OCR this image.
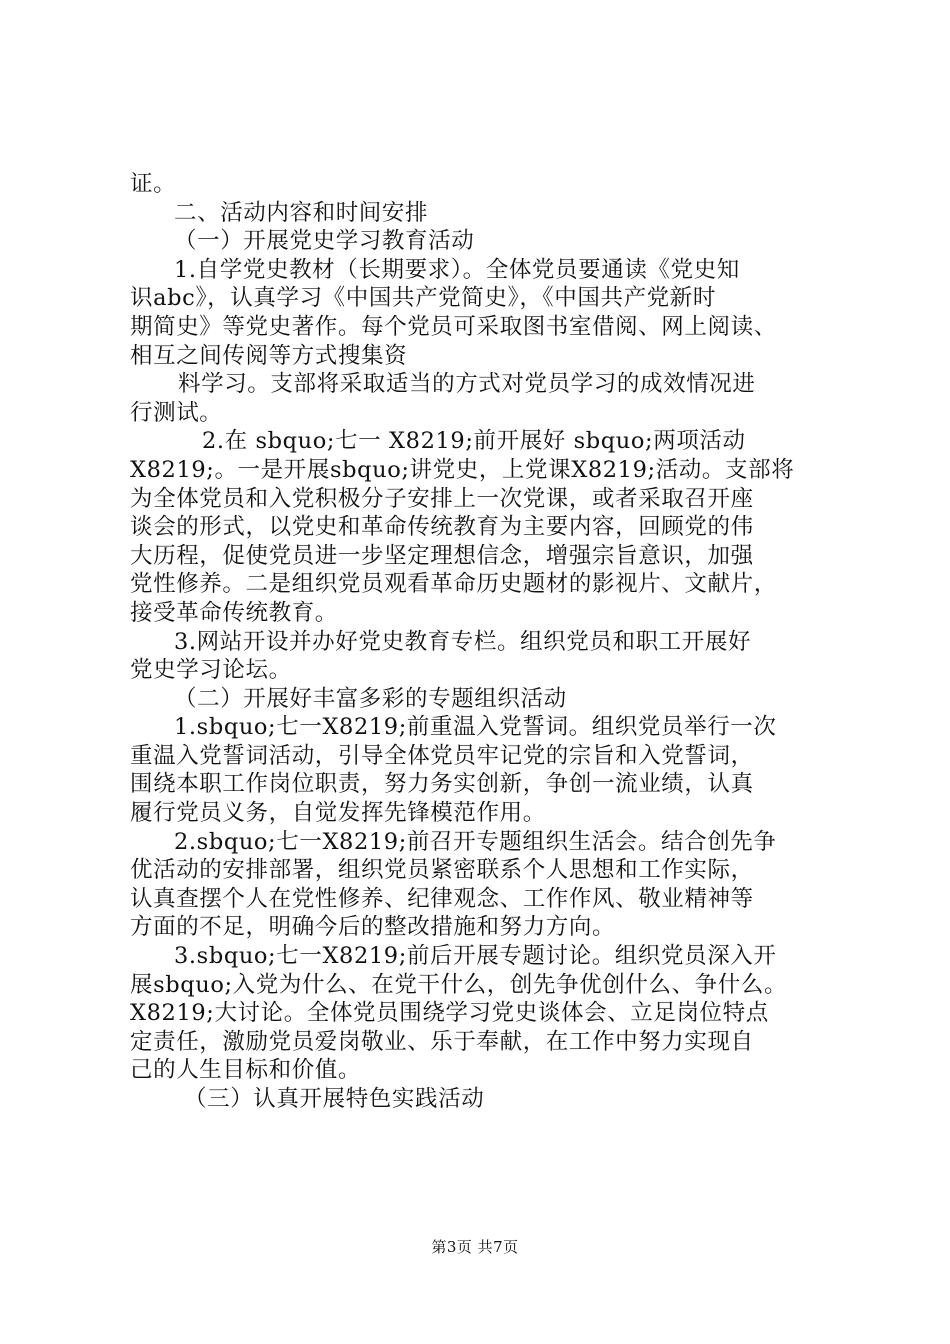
证。
二、活动内容和时间安排
（一）开展党史学习教育活动
1.自学党史教材（长期要求）。全体党员要通读《党史知
识abc》，认真学习《中国共产党简史》，《中国共产党新时
期简史》等党史著作。每个党员可采取图书室借阅、网上阅读、
相互之间传阅等方式搜集资
料学习。支部将采取适当的方式对党员学习的成效情况进
行测试。
2.在 sbquo;七一 X8219;前开展好 sbquo;两项活动
X8219;。一是开展sbquo;讲党史，上党课X8219;活动。支部将
为全体党员和入党积极分子安排上一次党课，或者采取召开座
谈会的形式，以党史和革命传统教育为主要内容，回顾党的伟
大历程，促使党员进一步坚定理想信念，增强宗旨意识，加强
党性修养。二是组织党员观看革命历史题材的影视片、文献片，
接受革命传统教育。
3.网站开设并办好党史教育专栏。组织党员和职工开展好
党史学习论坛。
（二）开展好丰富多彩的专题组织活动
1.sbquo;七一X8219;前重温入党誓词。组织党员举行一次
重温入党誓词活动，引导全体党员牢记党的宗旨和入党誓词，
围绕本职工作岗位职责，努力务实创新，争创一流业绩，认真
履行党员义务，自觉发挥先锋模范作用。
2.sbquo;七一X8219;前召开专题组织生活会。结合创先争
优活动的安排部署，组织党员紧密联系个人思想和工作实际，
认真查摆个人在党性修养、纪律观念、工作作风、敬业精神等
方面的不足，明确今后的整改措施和努力方向。
3.sbquo;七一X8219;前后开展专题讨论。组织党员深入开
展sbquo;入党为什么、在党干什么，创先争优创什么、争什么。
X8219;大讨论。全体党员围绕学习党史谈体会、立足岗位特点
定责任，激励党员爱岗敬业、乐于奉献，在工作中努力实现自
己的人生目标和价值。
（三）认真开展特色实践活动
第3页 共7页
